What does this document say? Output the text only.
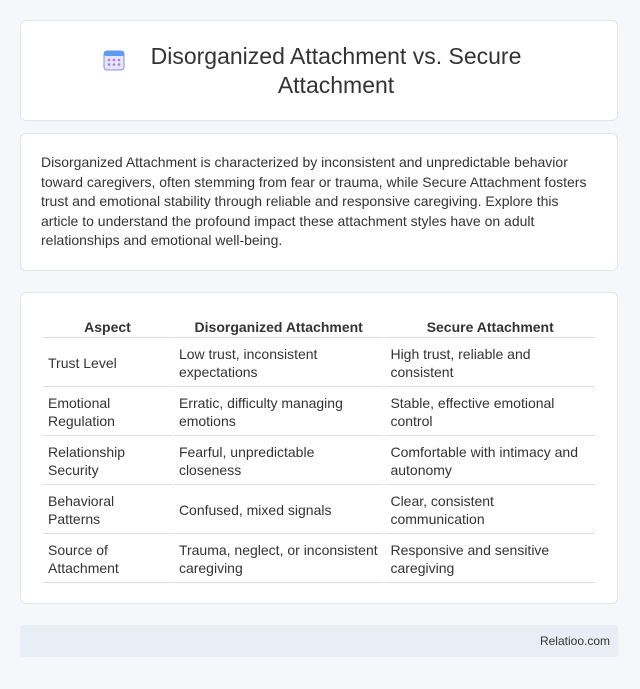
Disorganized Attachment vs. Secure Attachment

Disorganized Attachment is characterized by inconsistent and unpredictable behavior toward caregivers, often stemming from fear or trauma, while Secure Attachment fosters trust and emotional stability through reliable and responsive caregiving. Explore this article to understand the profound impact these attachment styles have on adult relationships and emotional well-being.

Aspect	Disorganized Attachment	Secure Attachment
Trust Level	Low trust, inconsistent expectations	High trust, reliable and consistent
Emotional Regulation	Erratic, difficulty managing emotions	Stable, effective emotional control
Relationship Security	Fearful, unpredictable closeness	Comfortable with intimacy and autonomy
Behavioral Patterns	Confused, mixed signals	Clear, consistent communication
Source of Attachment	Trauma, neglect, or inconsistent caregiving	Responsive and sensitive caregiving
Relatioo.com
